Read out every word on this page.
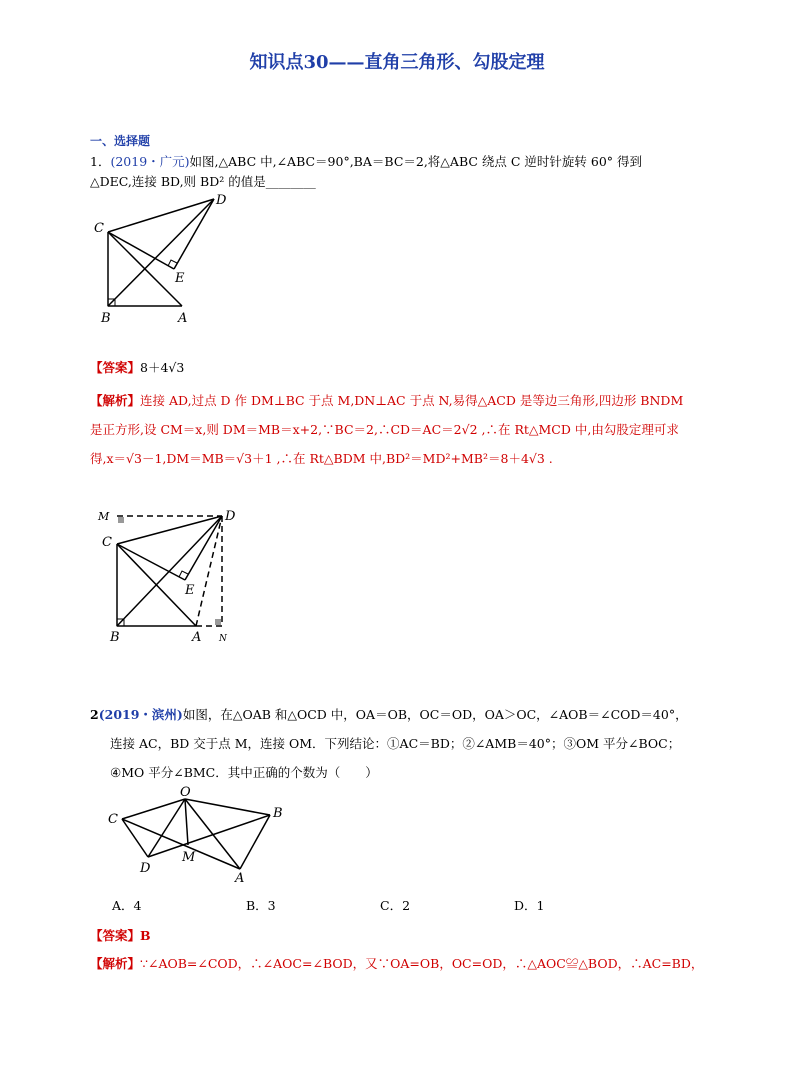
知识点30——直角三角形、勾股定理
一、选择题
1．(2019・广元)如图,△ABC 中,∠ABC＝90°,BA＝BC＝2,将△ABC 绕点 C 逆时针旋转 60° 得到
△DEC,连接 BD,则 BD² 的值是________
C
D
E
B	A
【答案】8＋4√3
【解析】连接 AD,过点 D 作 DM⊥BC 于点 M,DN⊥AC 于点 N,易得△ACD 是等边三角形,四边形 BNDM
是正方形,设 CM＝x,则 DM＝MB＝x+2,∵BC＝2,∴CD＝AC＝2√2 ,∴在 Rt△MCD 中,由勾股定理可求
得,x＝√3－1,DM＝MB＝√3＋1 ,∴在 Rt△BDM 中,BD²＝MD²+MB²＝8＋4√3 .
M	D
C
E
B	A N
2(2019・滨州)如图，在△OAB 和△OCD 中，OA＝OB，OC＝OD，OA＞OC，∠AOB＝∠COD＝40°，
连接 AC，BD 交于点 M，连接 OM．下列结论：①AC＝BD；②∠AMB＝40°；③OM 平分∠BOC；
④MO 平分∠BMC．其中正确的个数为（　　）
O
C	B
D
M
A
A．4	B．3	C．2	D．1
【答案】B
【解析】∵∠AOB=∠COD，∴∠AOC=∠BOD，又∵OA=OB，OC=OD，∴△AOC≌△BOD，∴AC=BD，
